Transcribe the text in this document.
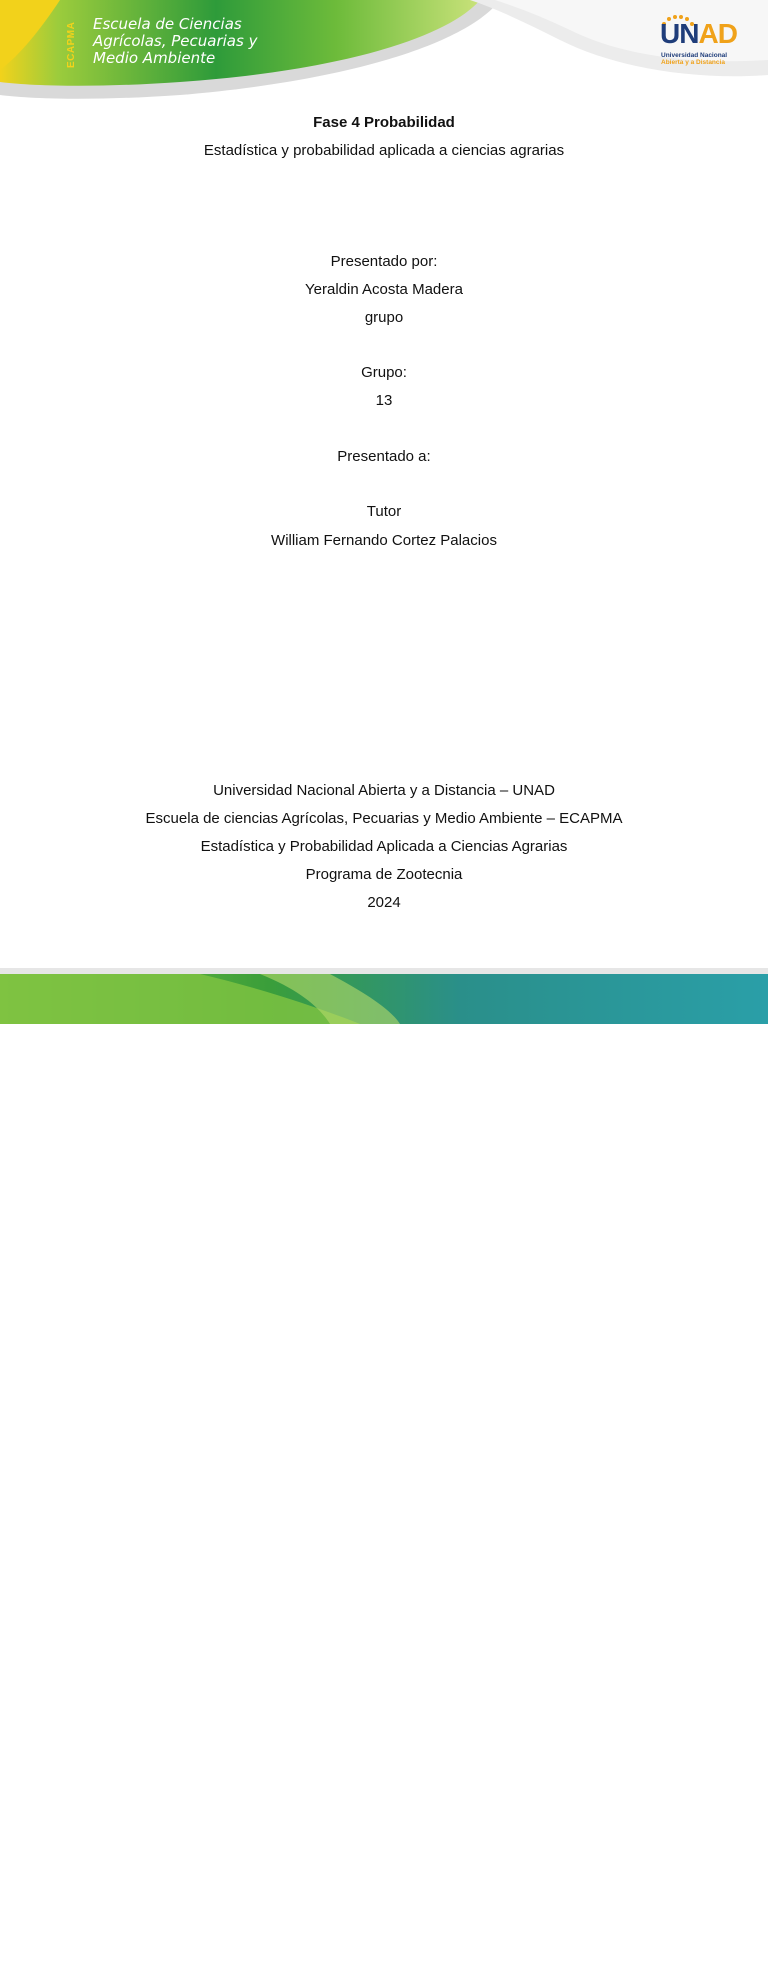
ECAPMA	Escuela de Ciencias
Agrícolas, Pecuarias y
Medio Ambiente
UNAD
Universidad Nacional
Abierta y a Distancia
Fase 4 Probabilidad
Estadística y probabilidad aplicada a ciencias agrarias
Presentado por:
Yeraldin Acosta Madera
grupo
Grupo:
13
Presentado a:
Tutor
William Fernando Cortez Palacios
Universidad Nacional Abierta y a Distancia – UNAD
Escuela de ciencias Agrícolas, Pecuarias y Medio Ambiente – ECAPMA
Estadística y Probabilidad Aplicada a Ciencias Agrarias
Programa de Zootecnia
2024
Prohibida su reproducción y copia sin autorización de la UNAD.	UNAD © 2020 derechos reservados.
